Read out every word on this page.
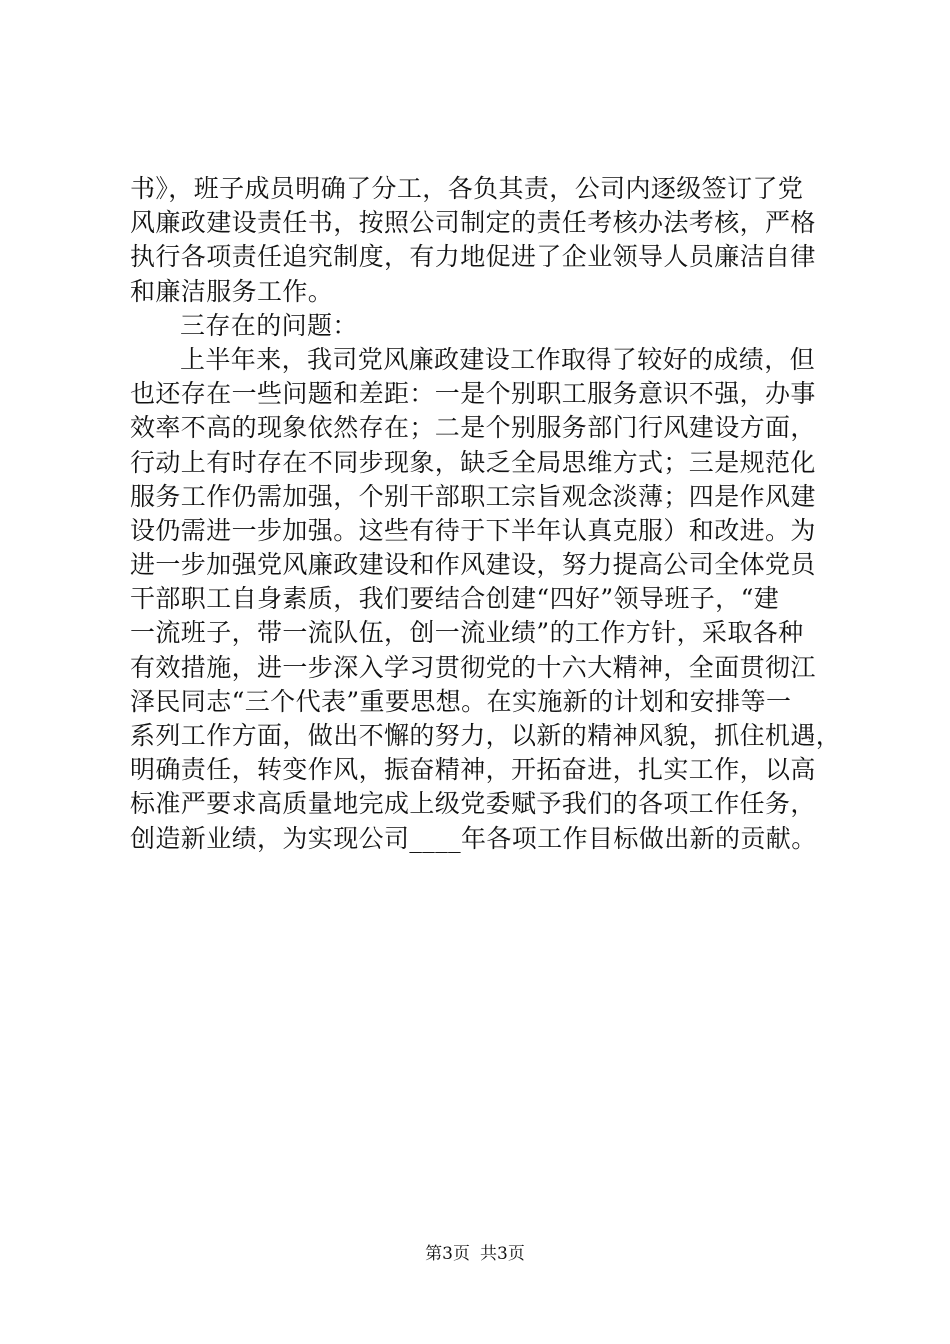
书》，班子成员明确了分工，各负其责，公司内逐级签订了党
风廉政建设责任书，按照公司制定的责任考核办法考核，严格
执行各项责任追究制度，有力地促进了企业领导人员廉洁自律
和廉洁服务工作。
三存在的问题：
上半年来，我司党风廉政建设工作取得了较好的成绩，但
也还存在一些问题和差距：一是个别职工服务意识不强，办事
效率不高的现象依然存在；二是个别服务部门行风建设方面，
行动上有时存在不同步现象，缺乏全局思维方式；三是规范化
服务工作仍需加强，个别干部职工宗旨观念淡薄；四是作风建
设仍需进一步加强。这些有待于下半年认真克服）和改进。为
进一步加强党风廉政建设和作风建设，努力提高公司全体党员
干部职工自身素质，我们要结合创建“四好”领导班子，“建
一流班子，带一流队伍，创一流业绩”的工作方针，采取各种
有效措施，进一步深入学习贯彻党的十六大精神，全面贯彻江
泽民同志“三个代表”重要思想。在实施新的计划和安排等一
系列工作方面，做出不懈的努力，以新的精神风貌，抓住机遇，
明确责任，转变作风，振奋精神，开拓奋进，扎实工作，以高
标准严要求高质量地完成上级党委赋予我们的各项工作任务，
创造新业绩，为实现公司____年各项工作目标做出新的贡献。
第3页 共3页
